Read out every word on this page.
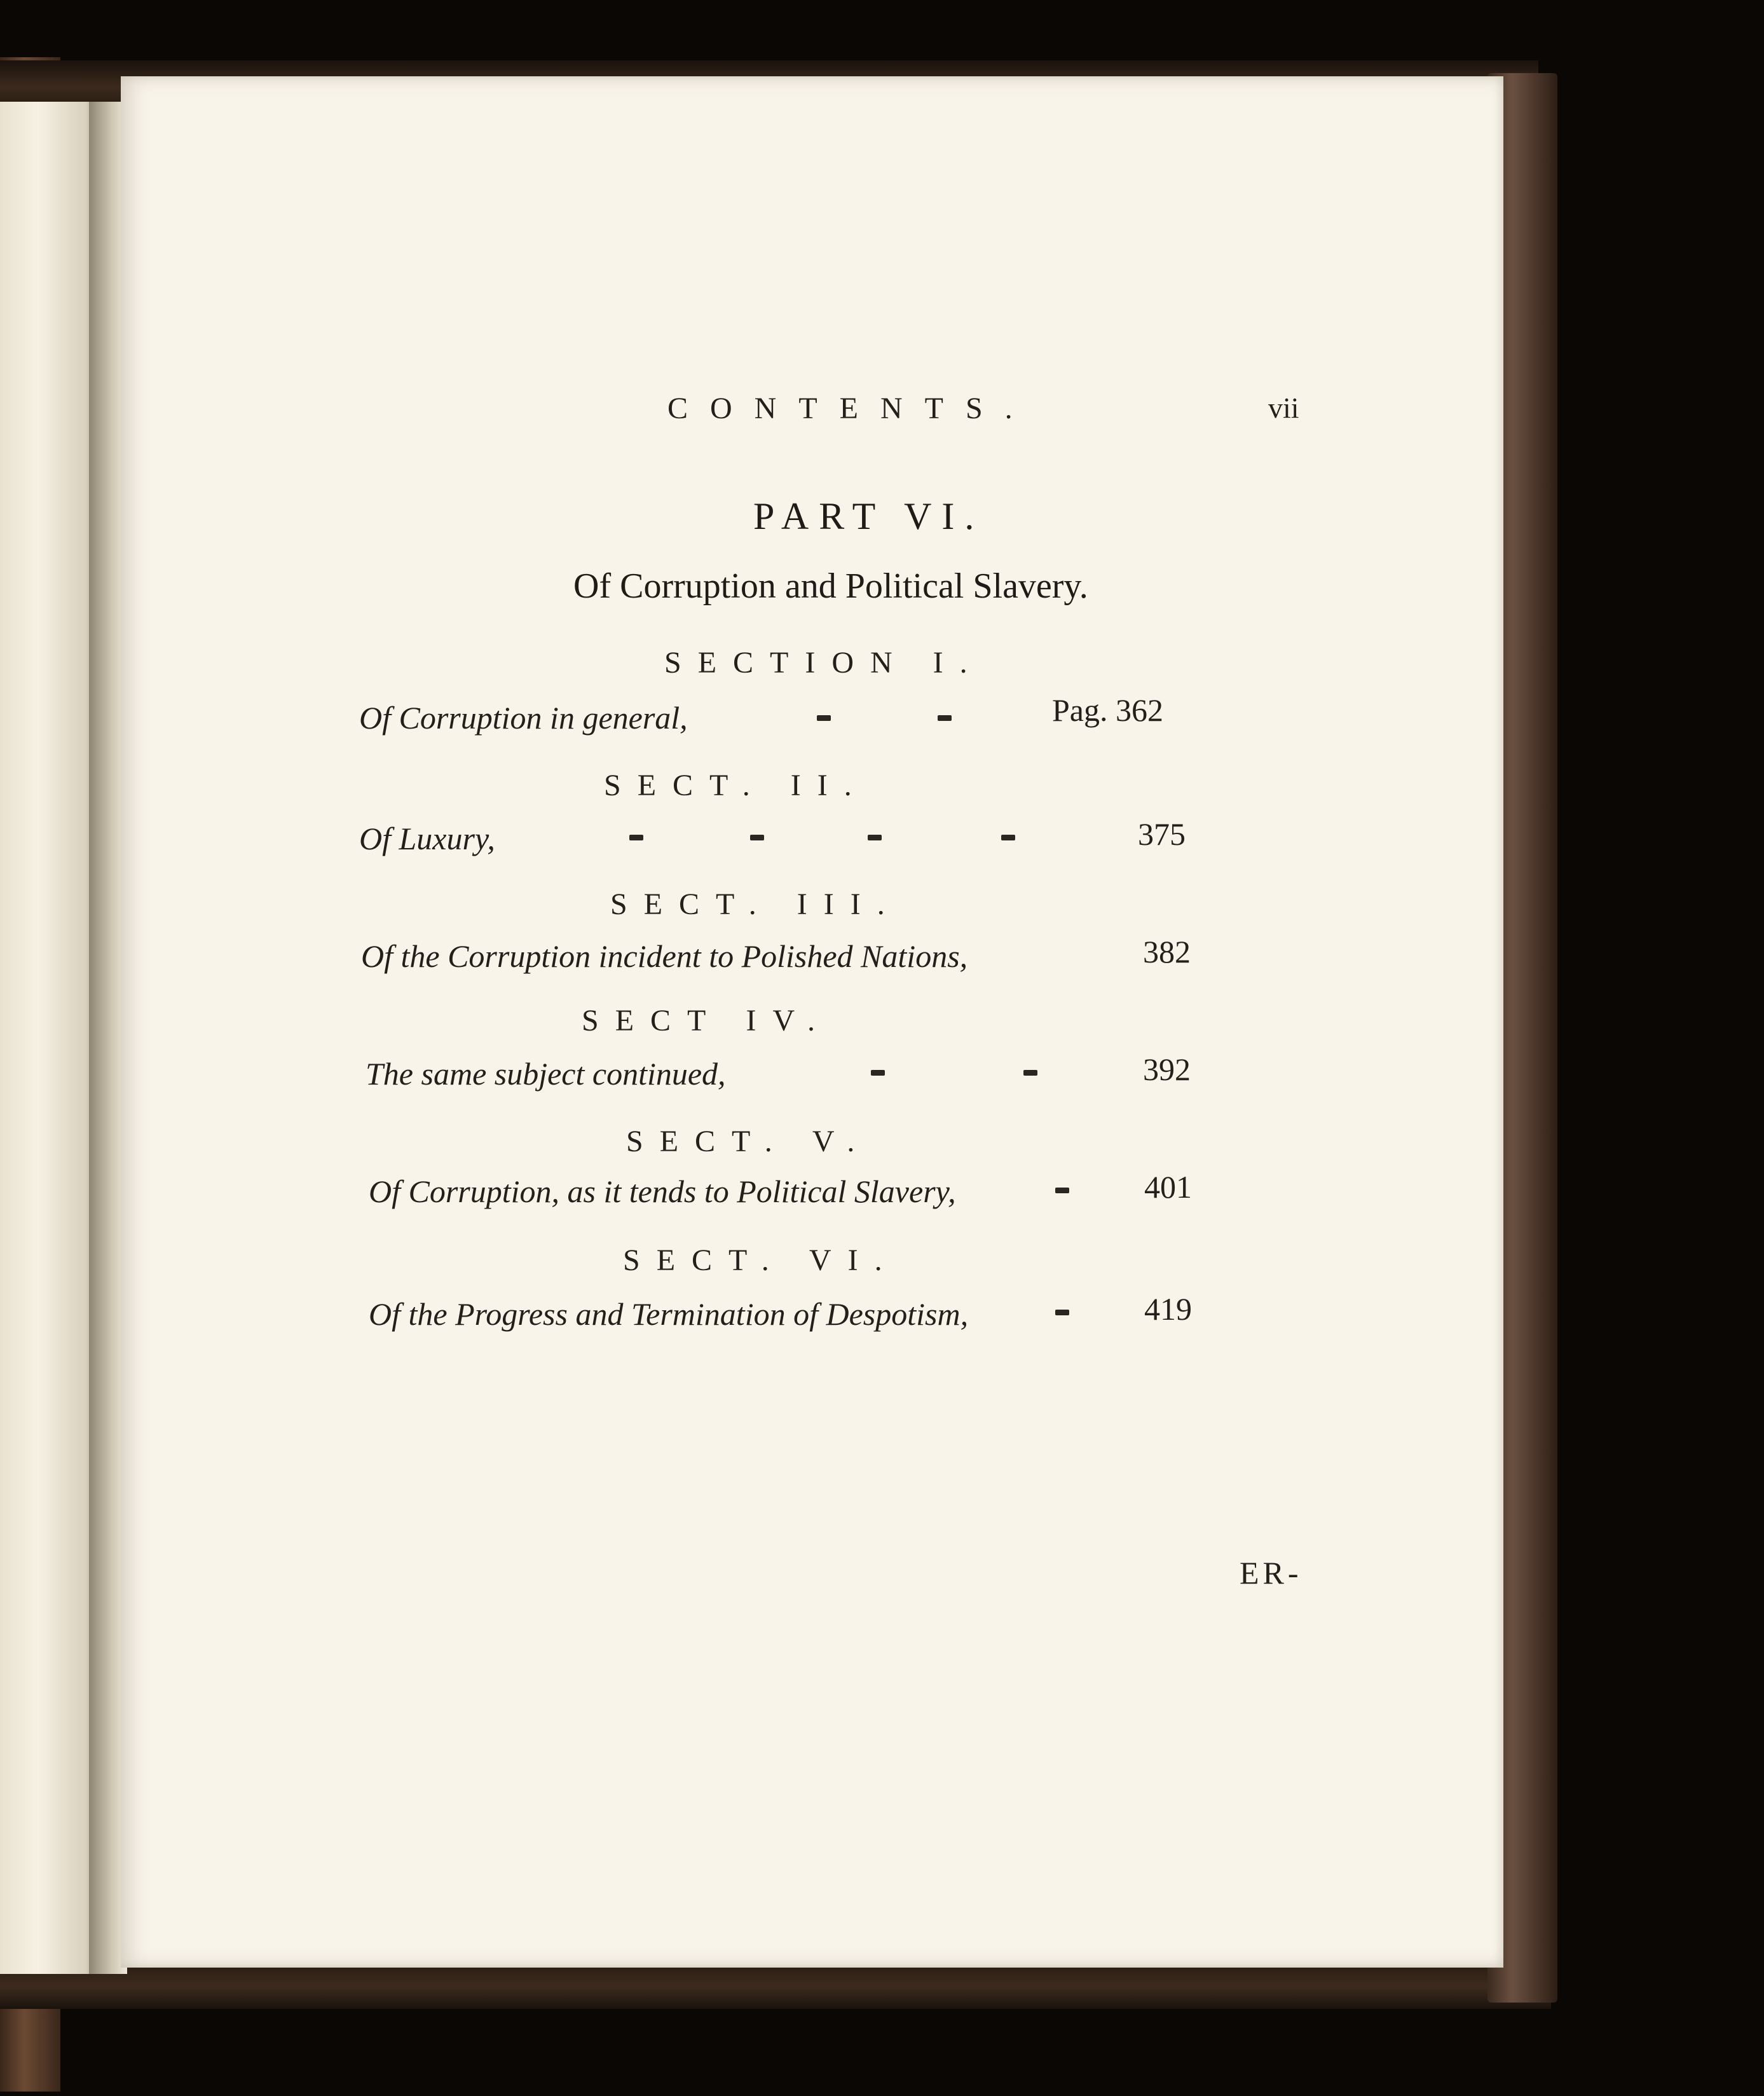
CONTENTS.	vii
PART VI.
Of Corruption and Political Slavery.
SECTION I.
Of Corruption in general,	Pag. 362
SECT. II.
Of Luxury,	375
SECT. III.
Of the Corruption incident to Polished Nations,	382
SECT IV.
The same subject continued,	392
SECT. V.
Of Corruption, as it tends to Political Slavery,	401
SECT. VI.
Of the Progress and Termination of Despotism,	419
ER-
